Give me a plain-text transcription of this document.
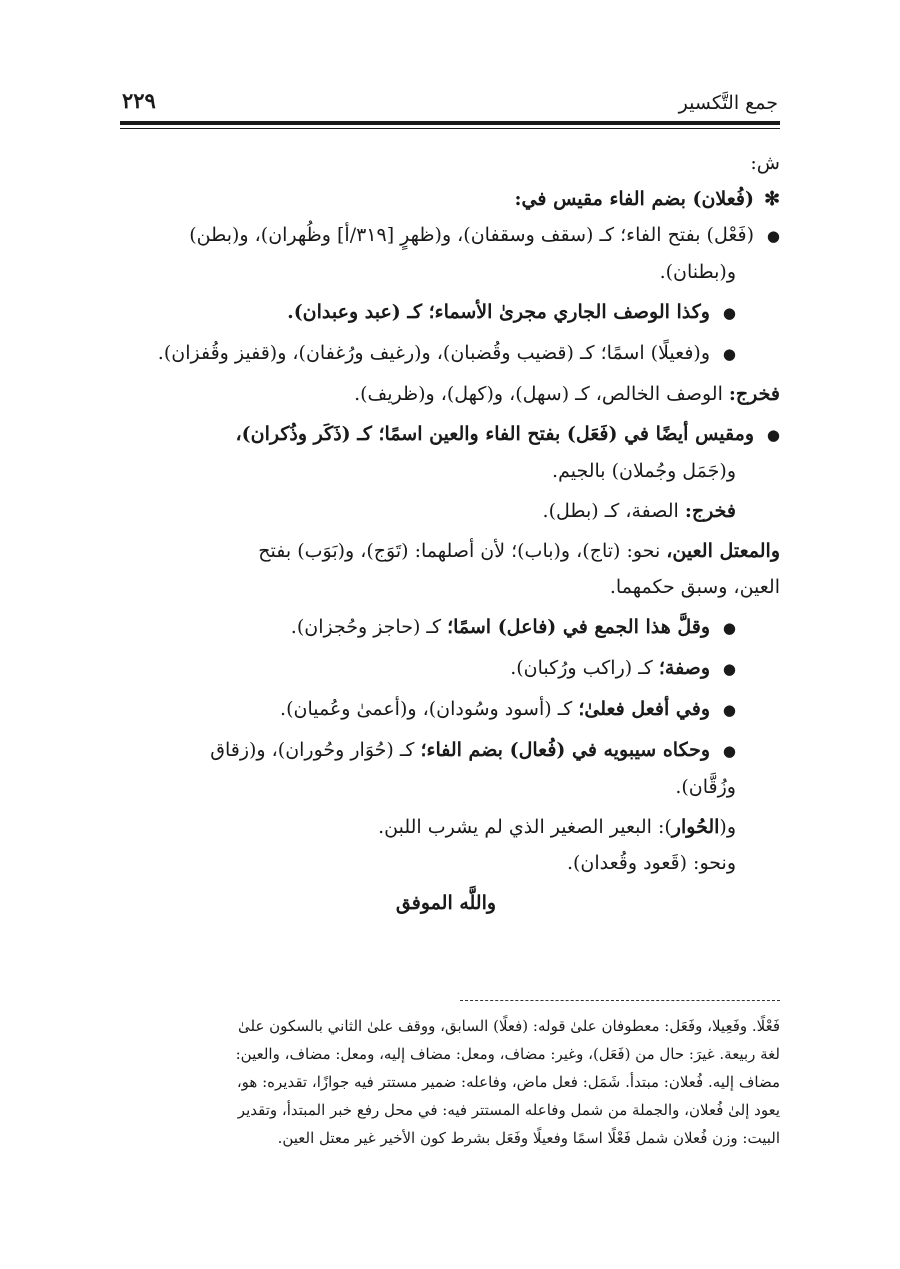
جمع التَّكسير
٢٢٩
ش:
✻(فُعلان) بضم الفاء مقيس في:
●(فَعْل) بفتح الفاء؛ كـ (سقف وسقفان)، و(ظهرٍ [٣١٩/أ] وظُهران)، و(بطن)
و(بطنان).
●وكذا الوصف الجاري مجرىٰ الأسماء؛ كـ (عبد وعبدان).
●و(فعيلًا) اسمًا؛ كـ (قضيب وقُضبان)، و(رغيف ورُغفان)، و(قفيز وقُفزان).
فخرج: الوصف الخالص، كـ (سهل)، و(كهل)، و(ظريف).
●ومقيس أيضًا في (فَعَل) بفتح الفاء والعين اسمًا؛ كـ (ذَكَر وذُكران)،
و(جَمَل وجُملان) بالجيم.
فخرج: الصفة، كـ (بطل).
والمعتل العين، نحو: (تاج)، و(باب)؛ لأن أصلهما: (تَوَج)، و(بَوَب) بفتح
العين، وسبق حكمهما.
●وقلَّ هذا الجمع في (فاعل) اسمًا؛ كـ (حاجز وحُجزان).
●وصفة؛ كـ (راكب ورُكبان).
●وفي أفعل فعلىٰ؛ كـ (أسود وسُودان)، و(أعمىٰ وعُميان).
●وحكاه سيبويه في (فُعال) بضم الفاء؛ كـ (حُوَار وحُوران)، و(زقاق
وزُقَّان).
و(الحُوار): البعير الصغير الذي لم يشرب اللبن.
ونحو: (قَعود وقُعدان).
واللَّه الموفق
فَعْلًا. وفَعِيلا، وفَعَل: معطوفان علىٰ قوله: (فعلًا) السابق، ووقف علىٰ الثاني بالسكون علىٰ
لغة ربيعة. غيرَ: حال من (فَعَل)، وغير: مضاف، ومعل: مضاف إليه، ومعل: مضاف، والعين:
مضاف إليه. فُعلان: مبتدأ. شَمَل: فعل ماض، وفاعله: ضمير مستتر فيه جوازًا، تقديره: هو،
يعود إلىٰ فُعلان، والجملة من شمل وفاعله المستتر فيه: في محل رفع خبر المبتدأ، وتقدير
البيت: وزن فُعلان شمل فَعْلًا اسمًا وفعيلًا وفَعَل بشرط كون الأخير غير معتل العين.
